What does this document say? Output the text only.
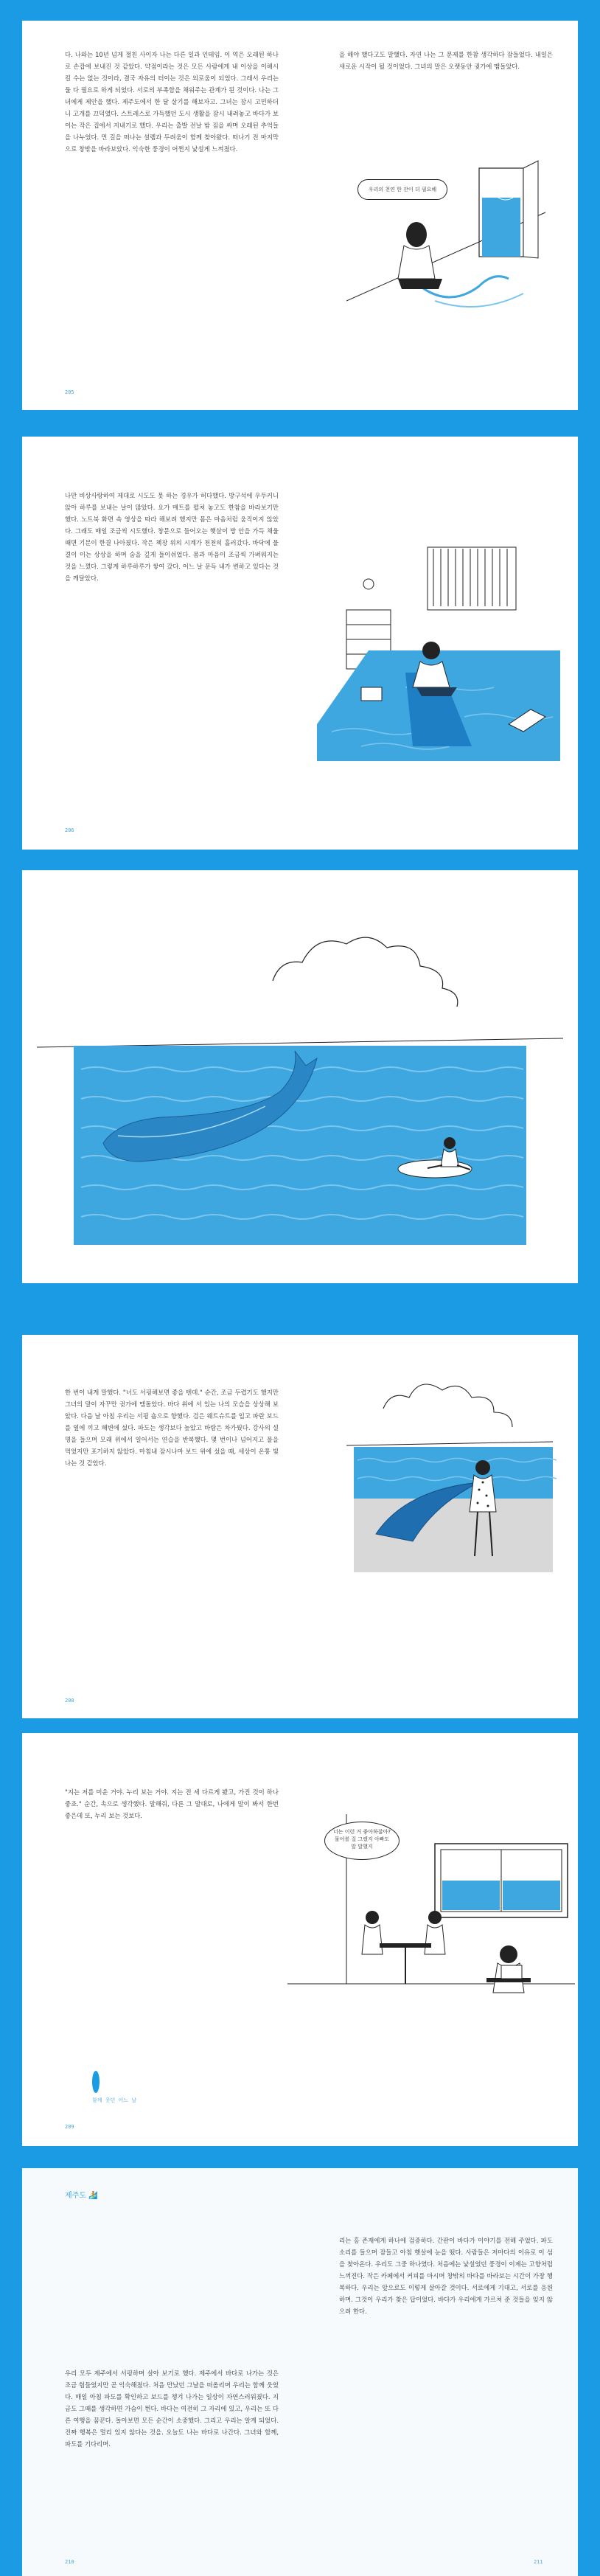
다. 나와는 10년 넘게 절친 사이자 나는 다른 일과 인테임. 이 역은 오래된 하나로 손잡에 보내진 것 같았다. 약점이라는 것은 모든 사람에게 내 이상을 이해시킬 수는 없는 것이라, 결국 자유의 터이는 것은 외로움이 되었다. 그래서 우리는 둘 다 필요로 하게 되었다. 서로의 부족함을 채워주는 관계가 된 것이다. 나는 그녀에게 제안을 했다. 제주도에서 한 달 살기를 해보자고. 그녀는 잠시 고민하더니 고개를 끄덕였다. 스트레스로 가득했던 도시 생활을 잠시 내려놓고 바다가 보이는 작은 집에서 지내기로 했다. 우리는 출발 전날 밤 짐을 싸며 오래된 추억들을 나누었다. 먼 길을 떠나는 설렘과 두려움이 함께 찾아왔다. 떠나기 전 마지막으로 창밖을 바라보았다. 익숙한 풍경이 어쩐지 낯설게 느껴졌다.
을 해야 했다고도 말했다. 자연 나는 그 문제를 한참 생각하다 잠들었다. 내일은 새로운 시작이 될 것이었다. 그녀의 말은 오랫동안 귓가에 맴돌았다.
205
우리의 천연 한 잔이 더 필요해
나만 비상사랑하여 제대로 시도도 못 하는 경우가 허다했다. 방구석에 우두커니 앉아 하루를 보내는 날이 많았다. 요가 매트를 펼쳐 놓고도 한참을 바라보기만 했다. 노트북 화면 속 영상을 따라 해보려 했지만 몸은 마음처럼 움직이지 않았다. 그래도 매일 조금씩 시도했다. 창문으로 들어오는 햇살이 방 안을 가득 채울 때면 기분이 한결 나아졌다. 작은 책장 위의 시계가 천천히 흘러갔다. 바닥에 물결이 이는 상상을 하며 숨을 깊게 들이쉬었다. 몸과 마음이 조금씩 가벼워지는 것을 느꼈다. 그렇게 하루하루가 쌓여 갔다. 어느 날 문득 내가 변하고 있다는 것을 깨달았다.
206
한 번이 내게 말했다. "너도 서핑해보면 좋을 텐데." 순간, 조금 두렵기도 했지만 그녀의 말이 자꾸만 귓가에 맴돌았다. 바다 위에 서 있는 나의 모습을 상상해 보았다. 다음 날 아침 우리는 서핑 숍으로 향했다. 검은 웨트슈트를 입고 파란 보드를 옆에 끼고 해변에 섰다. 파도는 생각보다 높았고 바람은 차가웠다. 강사의 설명을 들으며 모래 위에서 일어서는 연습을 반복했다. 몇 번이나 넘어지고 물을 먹었지만 포기하지 않았다. 마침내 잠시나마 보드 위에 섰을 때, 세상이 온통 빛나는 것 같았다.
208
"지는 저를 미운 거야. 누리 보는 거야. 지는 전 세 다르게 봤고, 가진 것이 하나 좋죠." 순간, 속으로 생각했다. 말해줘, 다른 그 말대로, 나에게 말이 봐서 한번 좋은데 또, 누리 보는 것보다.
함께 웃던 어느 날
209
너는 이런 거 좋아하잖아? 물어볼 걸 그랬지 아빠도 말 말했지
제주도 🏄
우리 모두 제주에서 서핑하며 살아 보기로 했다. 제주에서 바다로 나가는 것은 조금 힘들었지만 곧 익숙해졌다. 처음 만났던 그날을 떠올리며 우리는 함께 웃었다. 매일 아침 파도를 확인하고 보드를 챙겨 나가는 일상이 자연스러워졌다. 지금도 그때를 생각하면 가슴이 뛴다. 바다는 여전히 그 자리에 있고, 우리는 또 다른 여행을 꿈꾼다. 돌아보면 모든 순간이 소중했다. 그리고 우리는 알게 되었다. 진짜 행복은 멀리 있지 않다는 것을. 오늘도 나는 바다로 나간다. 그녀와 함께, 파도를 기다리며.
리는 홈 존재에게 하나에 검증하다. 간판이 바다가 이야기를 전해 주었다. 파도 소리를 들으며 잠들고 아침 햇살에 눈을 떴다. 사람들은 저마다의 이유로 이 섬을 찾아온다. 우리도 그중 하나였다. 처음에는 낯설었던 풍경이 이제는 고향처럼 느껴진다. 작은 카페에서 커피를 마시며 창밖의 바다를 바라보는 시간이 가장 행복하다. 우리는 앞으로도 이렇게 살아갈 것이다. 서로에게 기대고, 서로를 응원하며. 그것이 우리가 찾은 답이었다. 바다가 우리에게 가르쳐 준 것들을 잊지 않으려 한다.
210	211
